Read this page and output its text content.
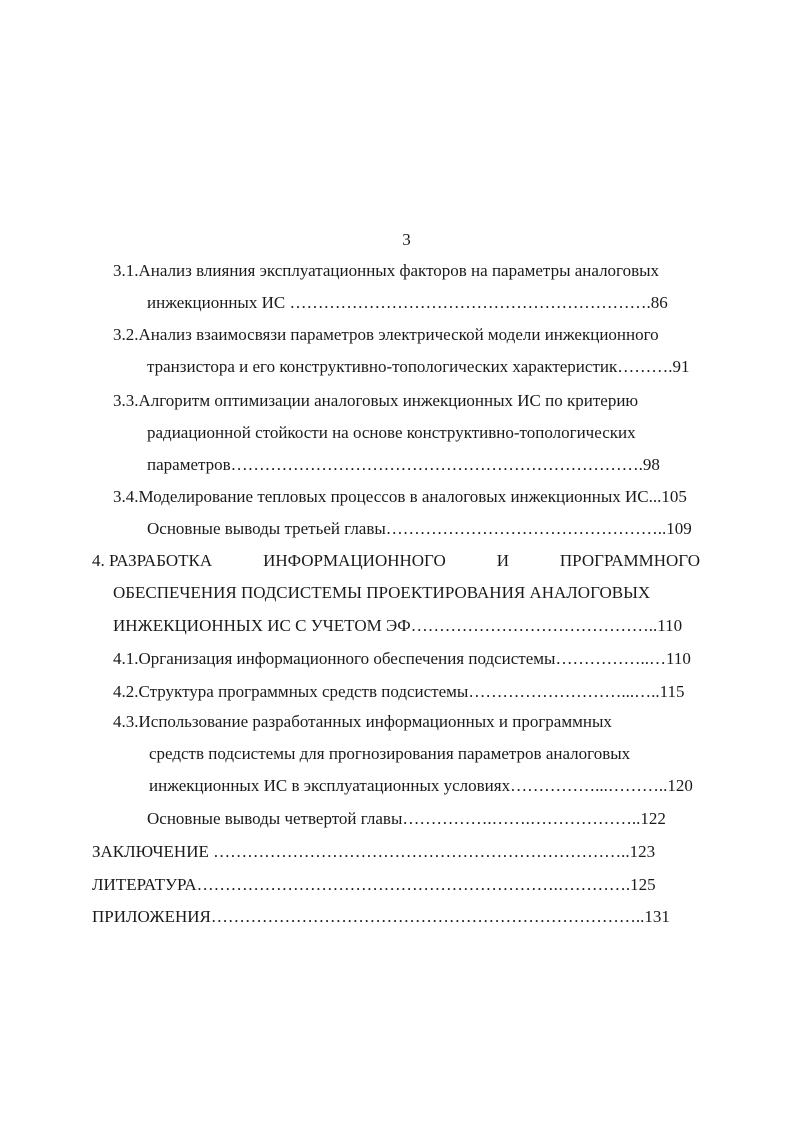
3
3.1.Анализ влияния эксплуатационных факторов на параметры аналоговых
инжекционных ИС ……………………………………………………….86
3.2.Анализ взаимосвязи параметров электрической модели инжекционного
транзистора и его конструктивно-топологических характеристик……….91
3.3.Алгоритм оптимизации аналоговых инжекционных ИС по критерию
радиационной стойкости на основе конструктивно-топологических
параметров……………………………………………………………….98
3.4.Моделирование тепловых процессов в аналоговых инжекционных ИС...105
Основные выводы третьей главы…………………………………………..109
4. РАЗРАБОТКА	ИНФОРМАЦИОННОГО	И	ПРОГРАММНОГО
ОБЕСПЕЧЕНИЯ ПОДСИСТЕМЫ ПРОЕКТИРОВАНИЯ АНАЛОГОВЫХ
ИНЖЕКЦИОННЫХ ИС С УЧЕТОМ ЭФ……………………………………..110
4.1.Организация информационного обеспечения подсистемы……………..…110
4.2.Структура программных средств подсистемы………………………...…..115
4.3.Использование разработанных информационных и программных
средств подсистемы для прогнозирования параметров аналоговых
инжекционных ИС в эксплуатационных условиях……………...………..120
Основные выводы четвертой главы…………….…….………………..122
ЗАКЛЮЧЕНИЕ ………………………………………………………………..123
ЛИТЕРАТУРА……………………………………………………….………….125
ПРИЛОЖЕНИЯ…………………………………………………………………..131
